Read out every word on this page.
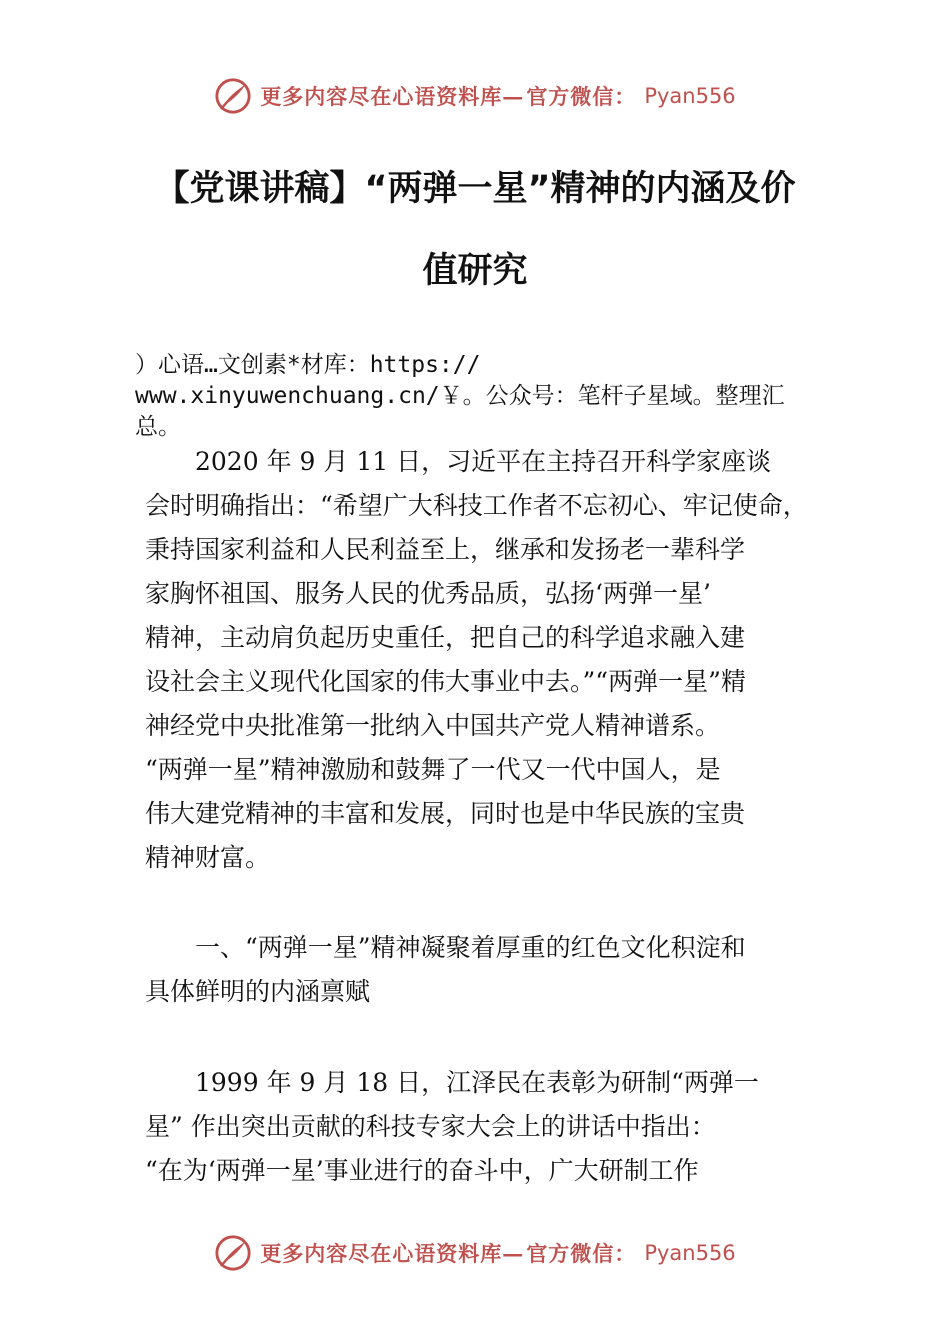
更多内容尽在心语资料库— 官方微信： Pyan556
【党课讲稿】“两弹一星”精神的内涵及价
值研究
）心语…文创素*材库：https://
www.xinyuwenchuang.cn/￥。公众号：笔杆子星域。整理汇
总。
　　2020 年 9 月 11 日，习近平在主持召开科学家座谈
会时明确指出：“希望广大科技工作者不忘初心、牢记使命，
秉持国家利益和人民利益至上，继承和发扬老一辈科学
家胸怀祖国、服务人民的优秀品质，弘扬‘两弹一星’
精神，主动肩负起历史重任，把自己的科学追求融入建
设社会主义现代化国家的伟大事业中去。”“两弹一星”精
神经党中央批准第一批纳入中国共产党人精神谱系。
“两弹一星”精神激励和鼓舞了一代又一代中国人，是
伟大建党精神的丰富和发展，同时也是中华民族的宝贵
精神财富。
　　一、“两弹一星”精神凝聚着厚重的红色文化积淀和
具体鲜明的内涵禀赋
　　1999 年 9 月 18 日，江泽民在表彰为研制“两弹一
星” 作出突出贡献的科技专家大会上的讲话中指出：
“在为‘两弹一星’事业进行的奋斗中，广大研制工作
更多内容尽在心语资料库— 官方微信： Pyan556
